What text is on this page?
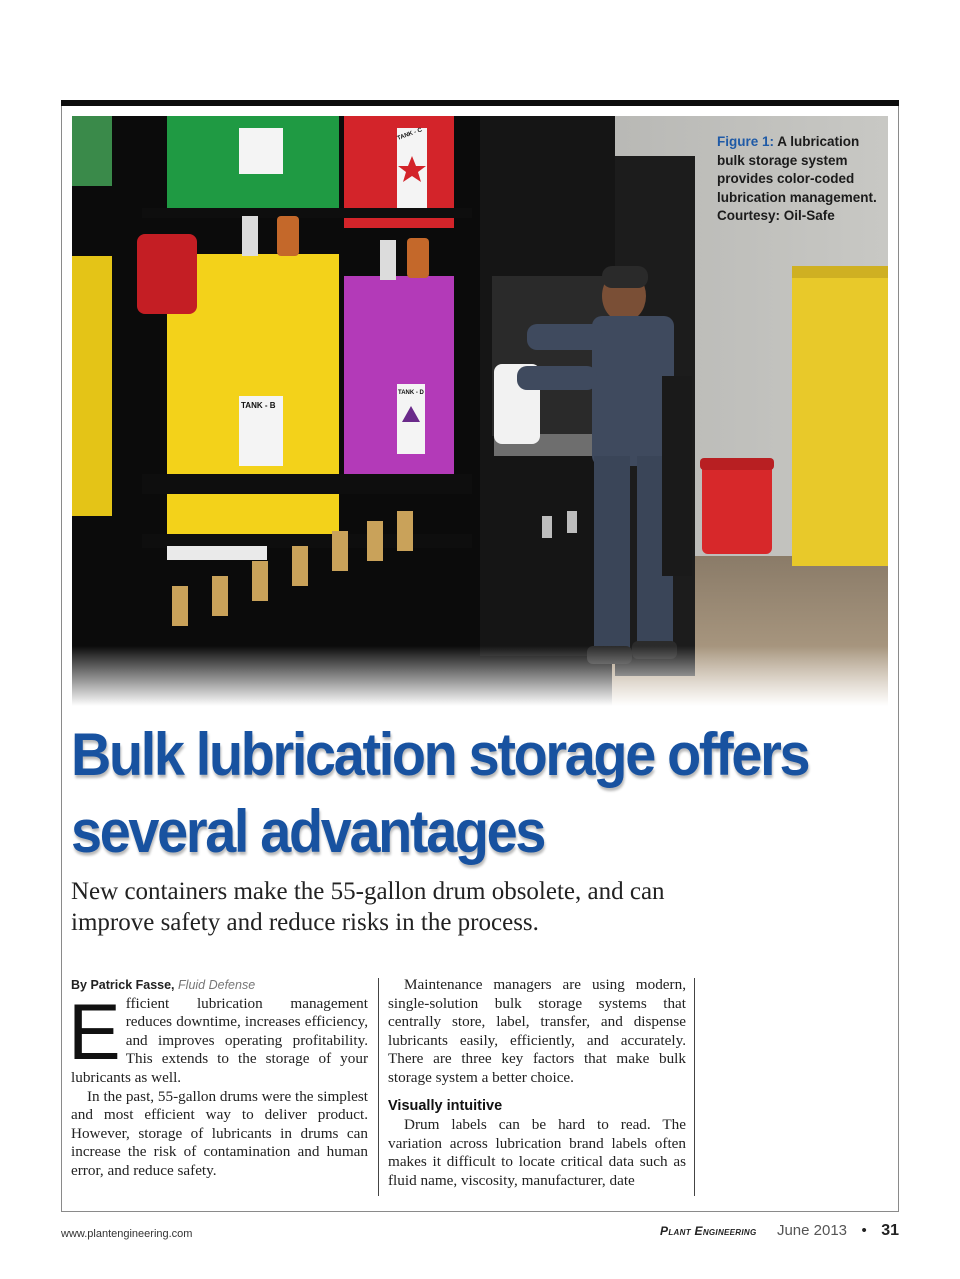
TANK - B
TANK - C
TANK - D
Figure 1: A lubrication bulk storage system provides color-coded lubrication management. Courtesy: Oil-Safe
Bulk lubrication storage offers several advantages
New containers make the 55-gallon drum obsolete, and can improve safety and reduce risks in the process.

By Patrick Fasse, Fluid Defense

Efficient lubrication management reduces downtime, increases efficiency, and improves operating profitability. This extends to the storage of your lubricants as well.

In the past, 55-gallon drums were the simplest and most efficient way to deliver product. However, storage of lubricants in drums can increase the risk of contamination and human error, and reduce safety.

Maintenance managers are using modern, single-solution bulk storage systems that centrally store, label, transfer, and dispense lubricants easily, efficiently, and accurately. There are three key factors that make bulk storage system a better choice.

Visually intuitive

Drum labels can be hard to read. The variation across lubrication brand labels often makes it difficult to locate critical data such as fluid name, viscosity, manufacturer, date

www.plantengineering.com	Plant Engineering June 2013 • 31
